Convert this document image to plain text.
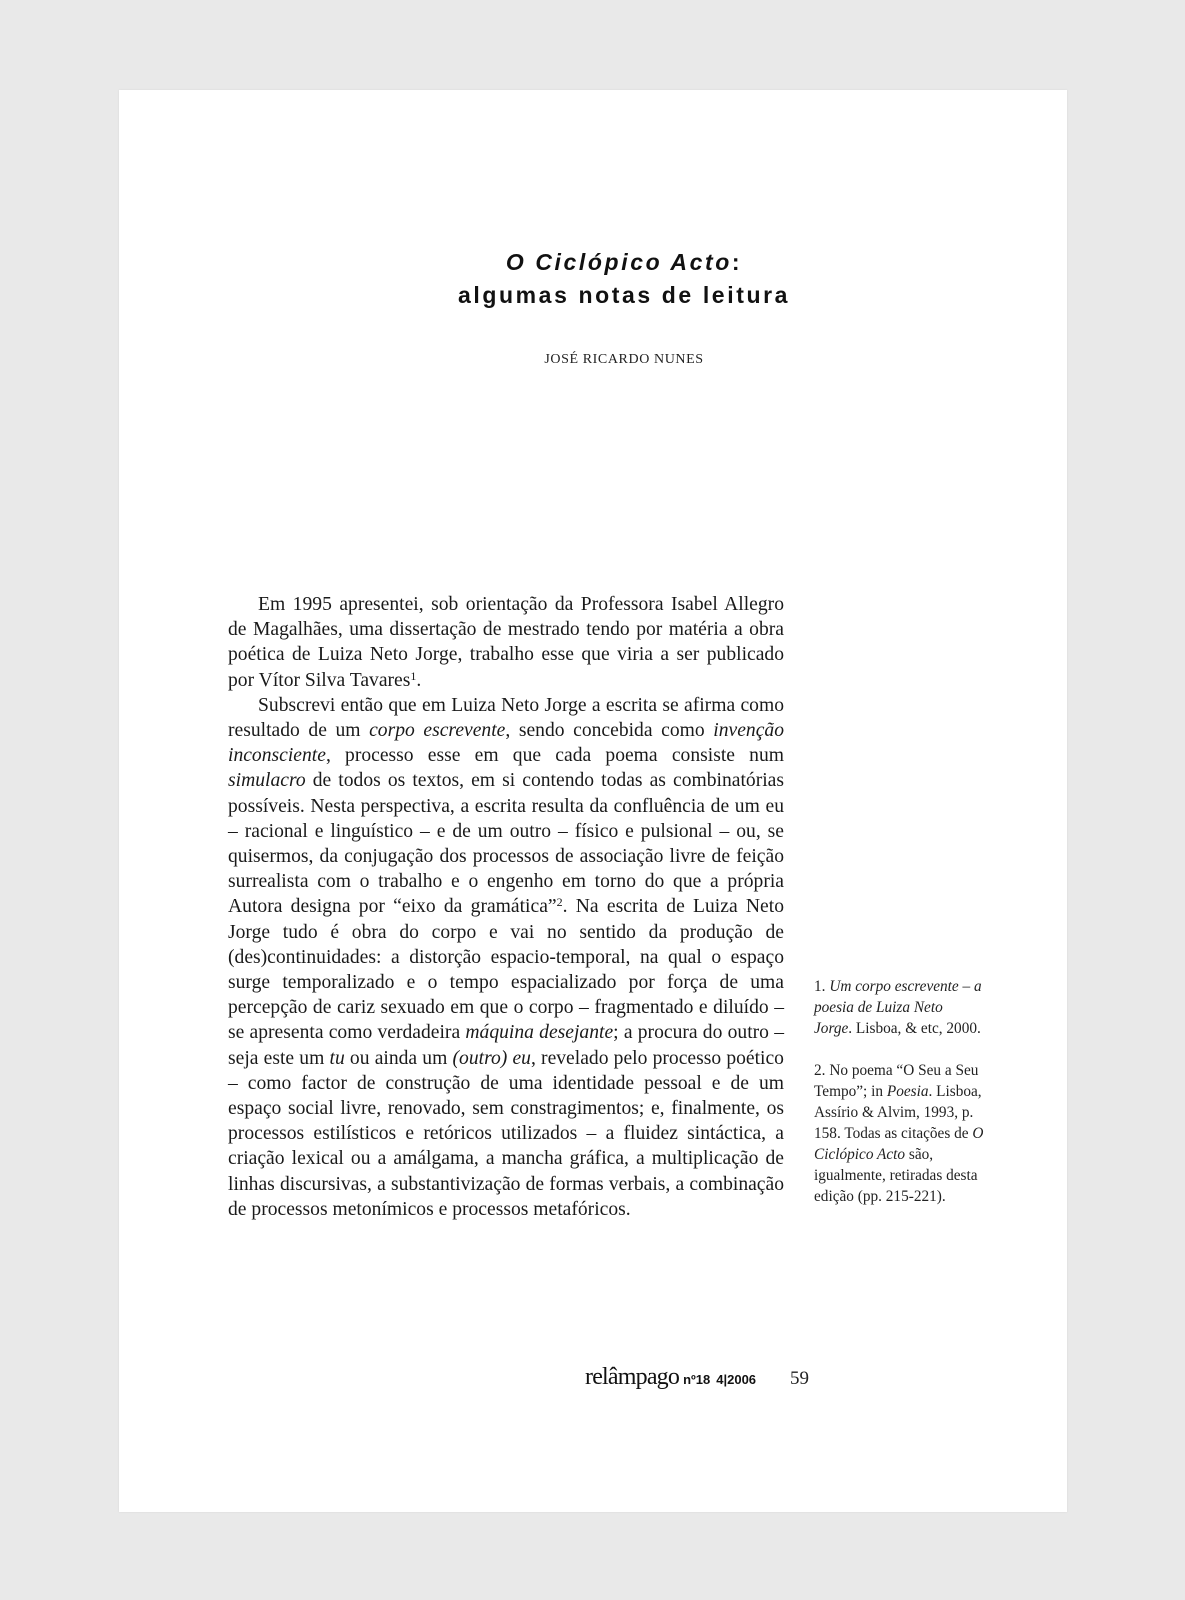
O Ciclópico Acto:
algumas notas de leitura
JOSÉ RICARDO NUNES

Em 1995 apresentei, sob orientação da Professora Isabel Allegro de Magalhães, uma dissertação de mestrado tendo por matéria a obra poética de Luiza Neto Jorge, trabalho esse que viria a ser publicado por Vítor Silva Tavares$^1$.

Subscrevi então que em Luiza Neto Jorge a escrita se afirma como resultado de um corpo escrevente, sendo concebida como invenção inconsciente, processo esse em que cada poema consiste num simulacro de todos os textos, em si contendo todas as combinatórias possíveis. Nesta perspectiva, a escrita resulta da confluência de um eu – racional e linguístico – e de um outro – físico e pulsional – ou, se quisermos, da conjugação dos processos de associação livre de feição surrealista com o trabalho e o engenho em torno do que a própria Autora designa por “eixo da gramática”$^2$. Na escrita de Luiza Neto Jorge tudo é obra do corpo e vai no sentido da produção de (des)continuidades: a distorção espacio-temporal, na qual o espaço surge temporalizado e o tempo espacializado por força de uma percepção de cariz sexuado em que o corpo – fragmentado e diluído – se apresenta como verdadeira máquina desejante; a procura do outro – seja este um tu ou ainda um (outro) eu, revelado pelo processo poético – como factor de construção de uma identidade pessoal e de um espaço social livre, renovado, sem constragimentos; e, finalmente, os processos estilísticos e retóricos utilizados – a fluidez sintáctica, a criação lexical ou a amálgama, a mancha gráfica, a multiplicação de linhas discursivas, a substantivização de formas verbais, a combinação de processos metonímicos e processos metafóricos.

1. Um corpo escrevente – a poesia de Luiza Neto Jorge. Lisboa, & etc, 2000.

2. No poema “O Seu a Seu Tempo”; in Poesia. Lisboa, Assírio & Alvim, 1993, p. 158. Todas as citações de O Ciclópico Acto são, igualmente, retiradas desta edição (pp. 215-221).

relâmpago nº18 4|2006 59
